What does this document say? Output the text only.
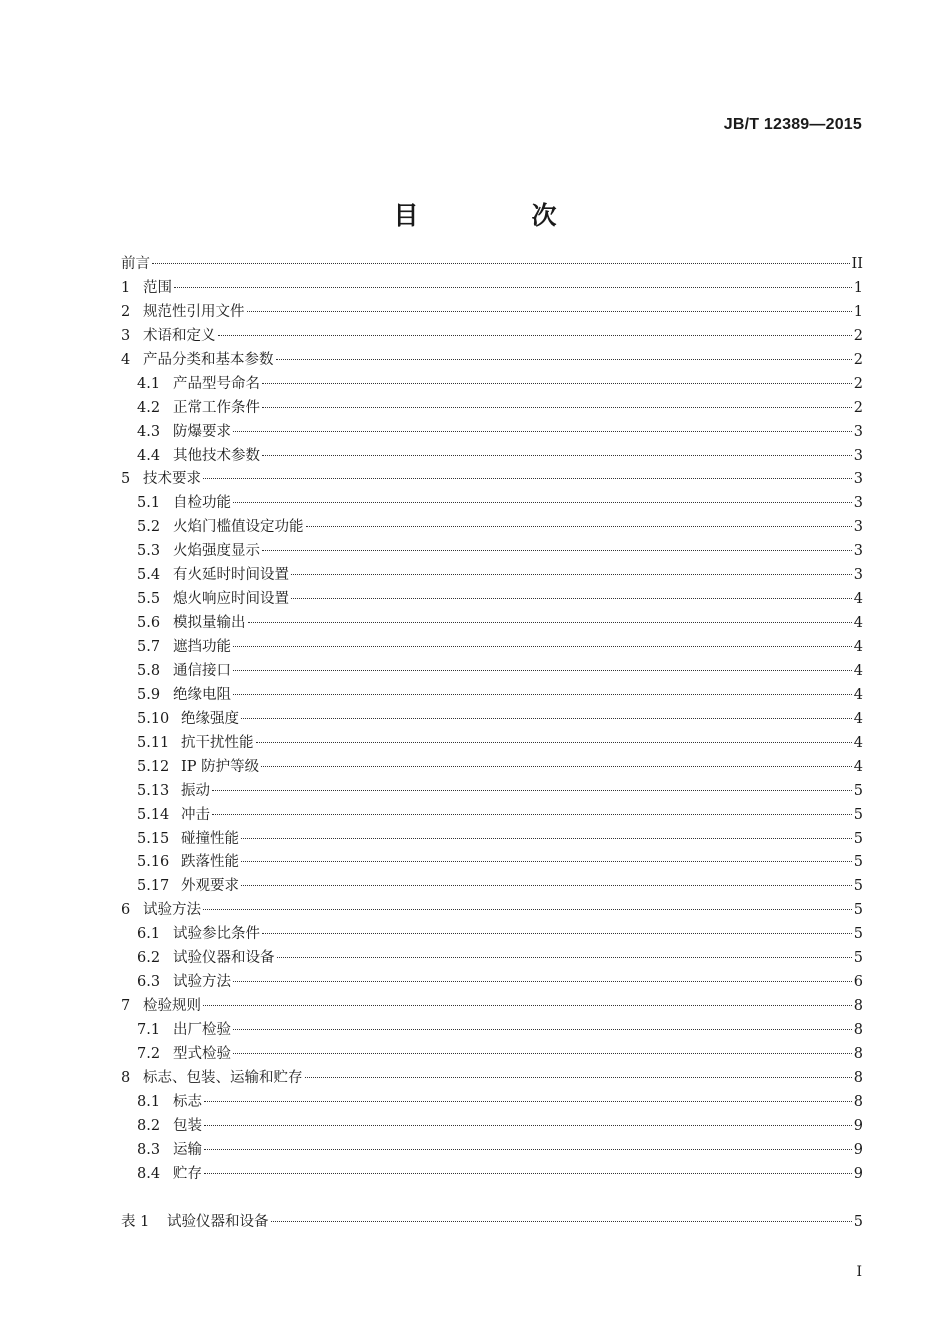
JB/T 12389—2015
目　次
前言	II
1 范围	1
2 规范性引用文件	1
3 术语和定义	2
4 产品分类和基本参数	2
4.1 产品型号命名	2
4.2 正常工作条件	2
4.3 防爆要求	3
4.4 其他技术参数	3
5 技术要求	3
5.1 自检功能	3
5.2 火焰门槛值设定功能	3
5.3 火焰强度显示	3
5.4 有火延时时间设置	3
5.5 熄火响应时间设置	4
5.6 模拟量输出	4
5.7 遮挡功能	4
5.8 通信接口	4
5.9 绝缘电阻	4
5.10 绝缘强度	4
5.11 抗干扰性能	4
5.12 IP 防护等级	4
5.13 振动	5
5.14 冲击	5
5.15 碰撞性能	5
5.16 跌落性能	5
5.17 外观要求	5
6 试验方法	5
6.1 试验参比条件	5
6.2 试验仪器和设备	5
6.3 试验方法	6
7 检验规则	8
7.1 出厂检验	8
7.2 型式检验	8
8 标志、包装、运输和贮存	8
8.1 标志	8
8.2 包装	9
8.3 运输	9
8.4 贮存	9
表 1	试验仪器和设备	5
I
